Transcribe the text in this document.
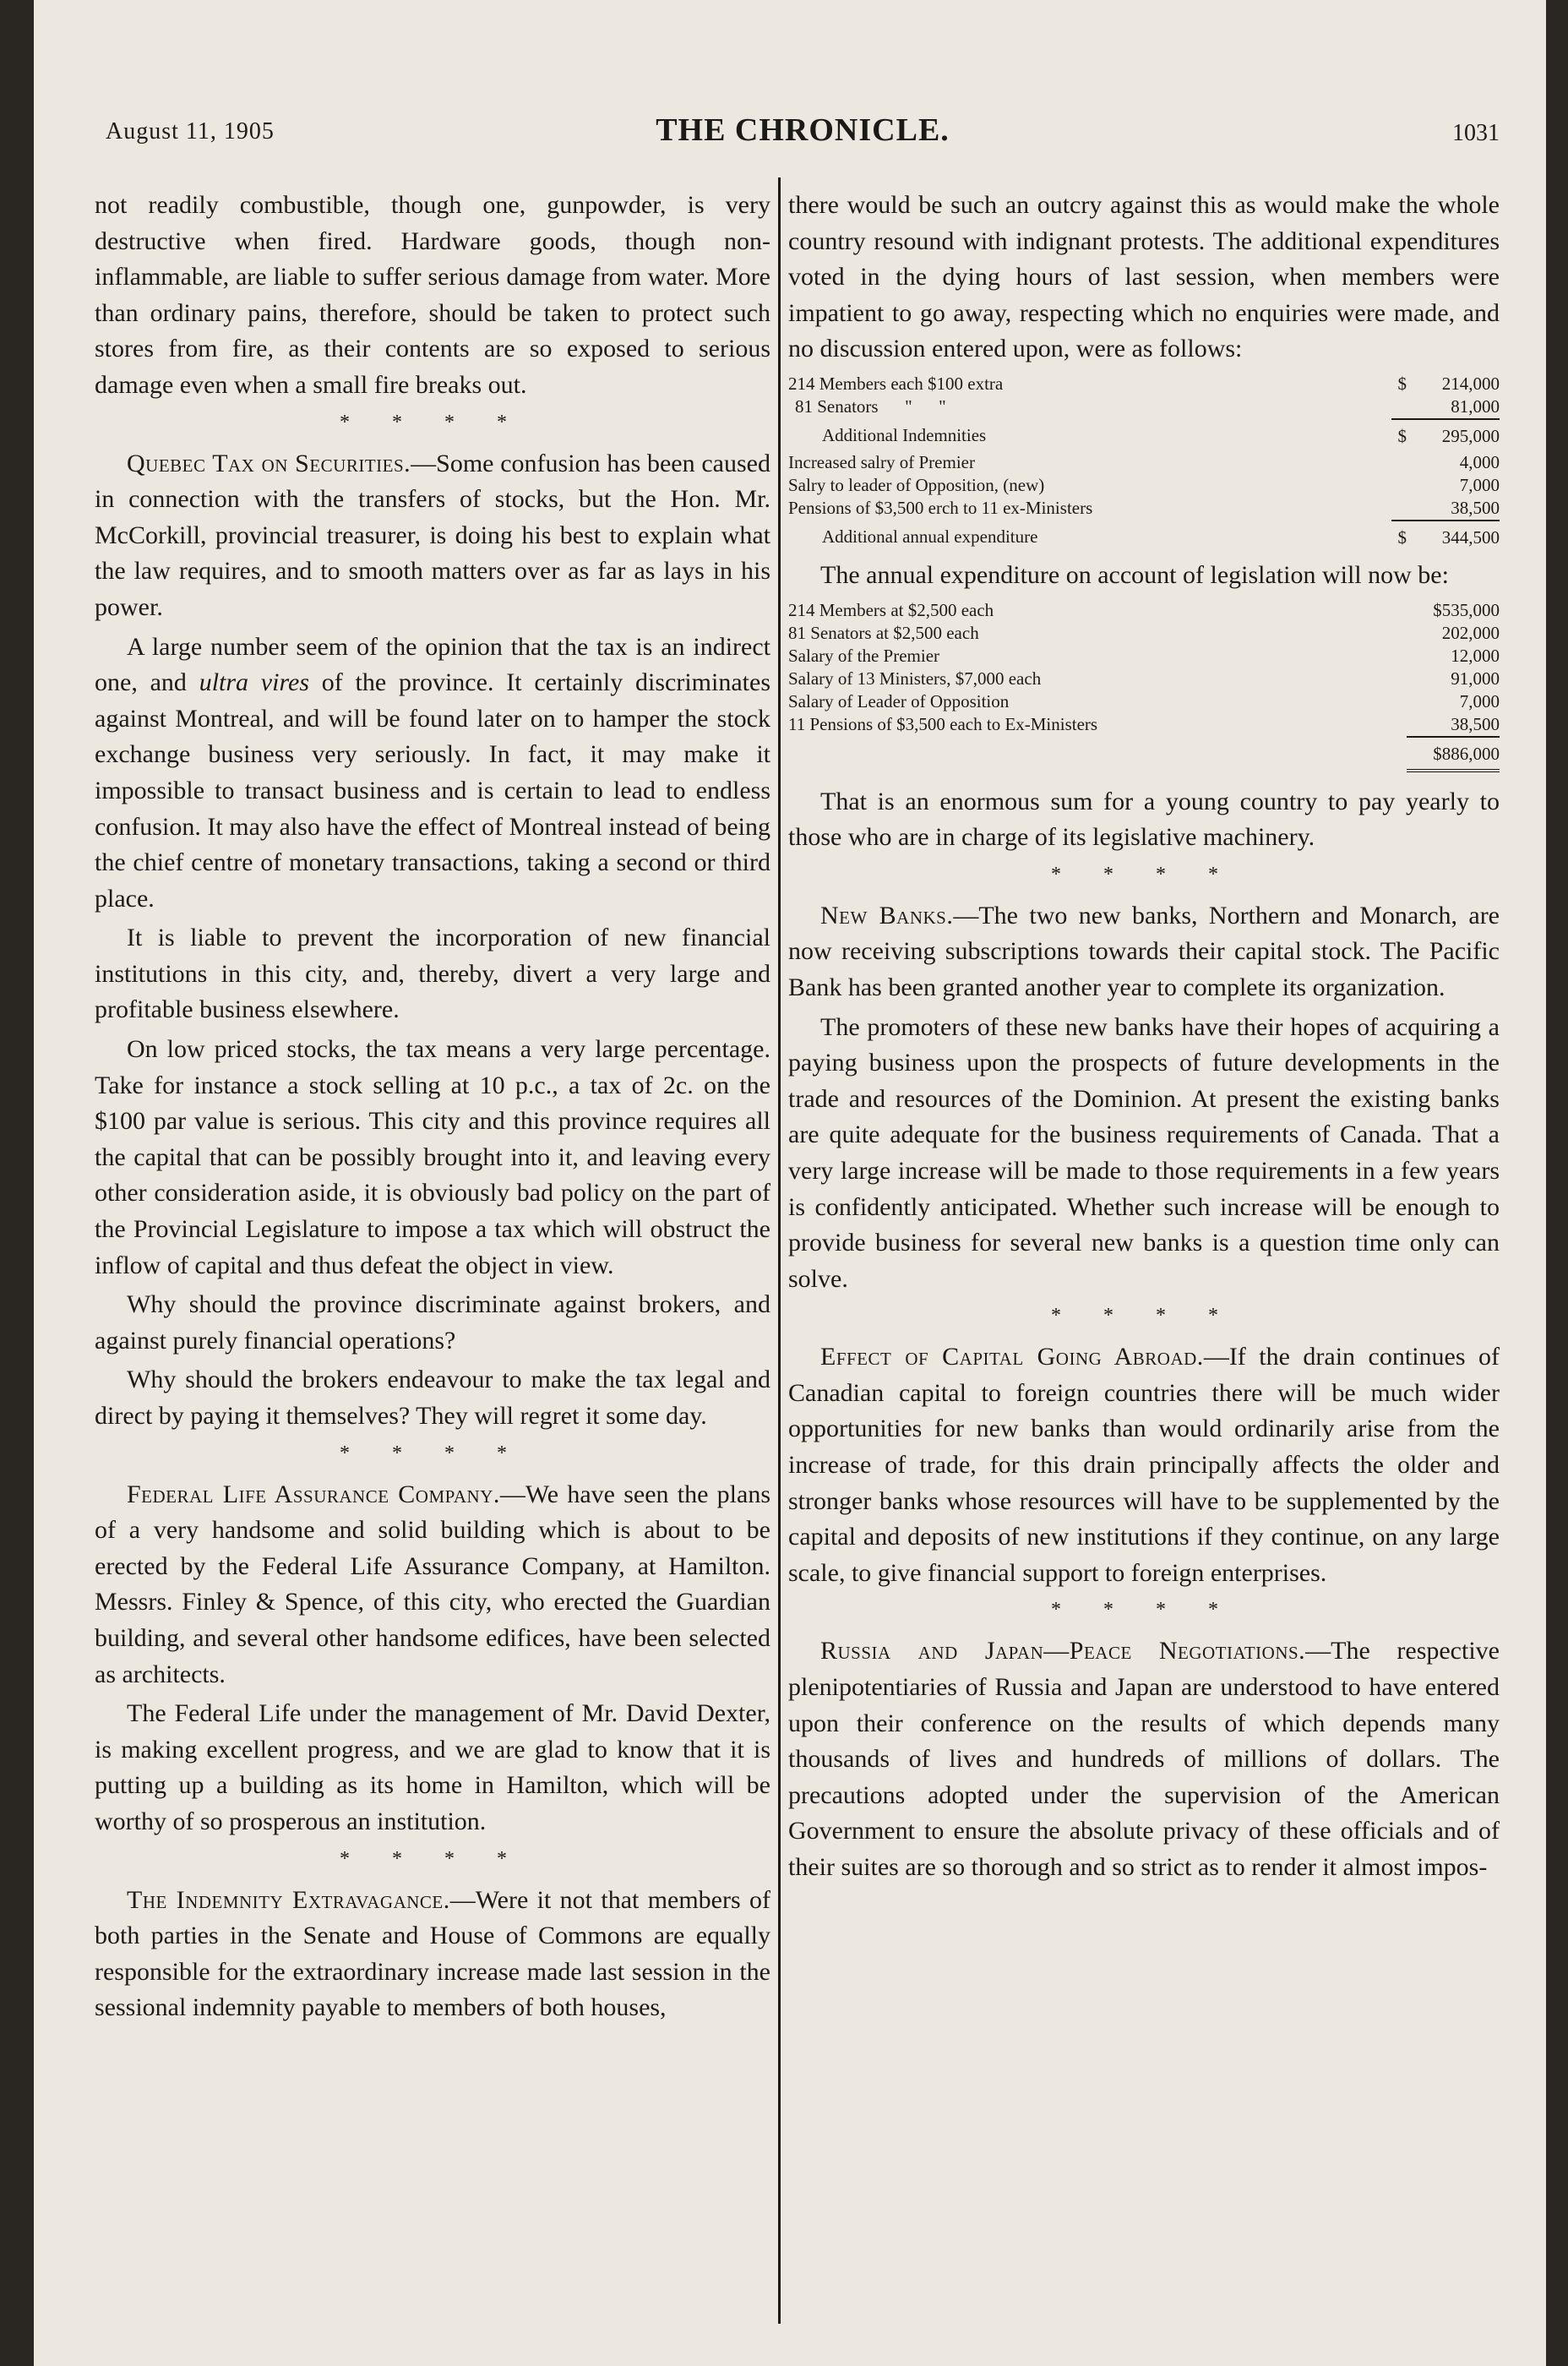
August 11, 1905	THE CHRONICLE.	1031

not readily combustible, though one, gunpowder, is very destructive when fired. Hardware goods, though non-inflammable, are liable to suffer serious damage from water. More than ordinary pains, therefore, should be taken to protect such stores from fire, as their contents are so exposed to serious damage even when a small fire breaks out.

* * * *

Quebec Tax on Securities.—Some confusion has been caused in connection with the transfers of stocks, but the Hon. Mr. McCorkill, provincial treasurer, is doing his best to explain what the law requires, and to smooth matters over as far as lays in his power.

A large number seem of the opinion that the tax is an indirect one, and ultra vires of the province. It certainly discriminates against Montreal, and will be found later on to hamper the stock exchange business very seriously. In fact, it may make it impossible to transact business and is certain to lead to endless confusion. It may also have the effect of Montreal instead of being the chief centre of monetary transactions, taking a second or third place.

It is liable to prevent the incorporation of new financial institutions in this city, and, thereby, divert a very large and profitable business elsewhere.

On low priced stocks, the tax means a very large percentage. Take for instance a stock selling at 10 p.c., a tax of 2c. on the $100 par value is serious. This city and this province requires all the capital that can be possibly brought into it, and leaving every other consideration aside, it is obviously bad policy on the part of the Provincial Legislature to impose a tax which will obstruct the inflow of capital and thus defeat the object in view.

Why should the province discriminate against brokers, and against purely financial operations?

Why should the brokers endeavour to make the tax legal and direct by paying it themselves? They will regret it some day.

* * * *

Federal Life Assurance Company.—We have seen the plans of a very handsome and solid building which is about to be erected by the Federal Life Assurance Company, at Hamilton. Messrs. Finley & Spence, of this city, who erected the Guardian building, and several other handsome edifices, have been selected as architects.

The Federal Life under the management of Mr. David Dexter, is making excellent progress, and we are glad to know that it is putting up a building as its home in Hamilton, which will be worthy of so prosperous an institution.

* * * *

The Indemnity Extravagance.—Were it not that members of both parties in the Senate and House of Commons are equally responsible for the extraordinary increase made last session in the sessional indemnity payable to members of both houses,

there would be such an outcry against this as would make the whole country resound with indignant protests. The additional expenditures voted in the dying hours of last session, when members were impatient to go away, respecting which no enquiries were made, and no discussion entered upon, were as follows:

214 Members each $100 extra	$	214,000
81 Senators      "      "		81,000
Additional Indemnities	$	295,000
Increased salry of Premier		4,000
Salry to leader of Opposition, (new)		7,000
Pensions of $3,500 erch to 11 ex-Ministers		38,500
Additional annual expenditure	$	344,500

The annual expenditure on account of legislation will now be:

214 Members at $2,500 each	$535,000
81 Senators at $2,500 each	202,000
Salary of the Premier	12,000
Salary of 13 Ministers, $7,000 each	91,000
Salary of Leader of Opposition	7,000
11 Pensions of $3,500 each to Ex-Ministers	38,500
	$886,000

That is an enormous sum for a young country to pay yearly to those who are in charge of its legislative machinery.

* * * *

New Banks.—The two new banks, Northern and Monarch, are now receiving subscriptions towards their capital stock. The Pacific Bank has been granted another year to complete its organization.

The promoters of these new banks have their hopes of acquiring a paying business upon the prospects of future developments in the trade and resources of the Dominion. At present the existing banks are quite adequate for the business requirements of Canada. That a very large increase will be made to those requirements in a few years is confidently anticipated. Whether such increase will be enough to provide business for several new banks is a question time only can solve.

* * * *

Effect of Capital Going Abroad.—If the drain continues of Canadian capital to foreign countries there will be much wider opportunities for new banks than would ordinarily arise from the increase of trade, for this drain principally affects the older and stronger banks whose resources will have to be supplemented by the capital and deposits of new institutions if they continue, on any large scale, to give financial support to foreign enterprises.

* * * *

Russia and Japan—Peace Negotiations.—The respective plenipotentiaries of Russia and Japan are understood to have entered upon their conference on the results of which depends many thousands of lives and hundreds of millions of dollars. The precautions adopted under the supervision of the American Government to ensure the absolute privacy of these officials and of their suites are so thorough and so strict as to render it almost impos-
